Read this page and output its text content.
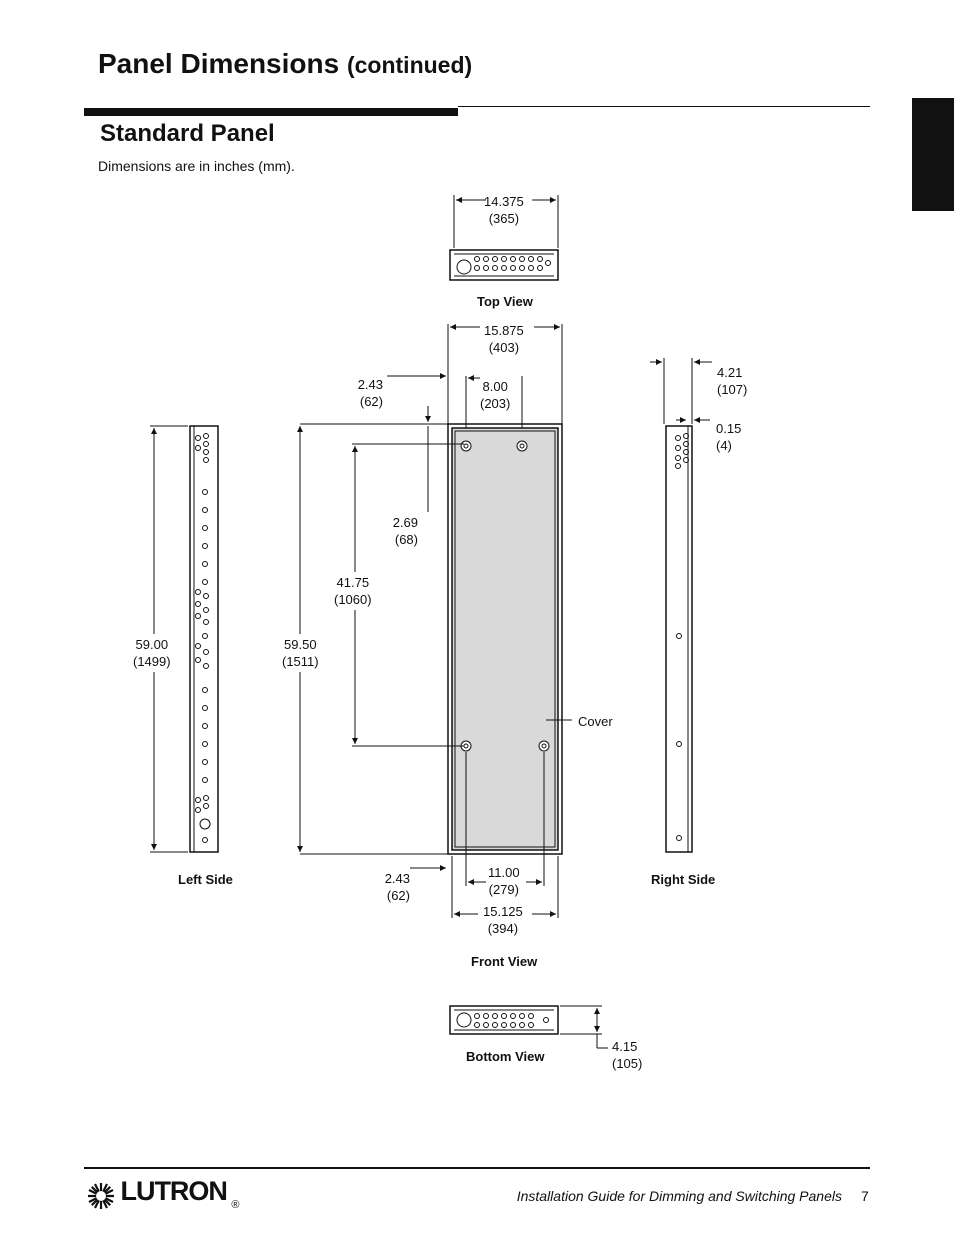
Panel Dimensions (continued)
Standard Panel
Dimensions are in inches (mm).
14.375
(365)
Top View
15.875
(403)
8.00
(203)
2.43
(62)
2.69
(68)
41.75
(1060)
59.00
(1499)
59.50
(1511)
Cover
2.43
(62)
11.00
(279)
15.125
(394)
Front View
Left Side
4.21
(107)
0.15
(4)
Right Side
Bottom View
4.15
(105)
LUTRON ®
Installation Guide for Dimming and Switching Panels 7
